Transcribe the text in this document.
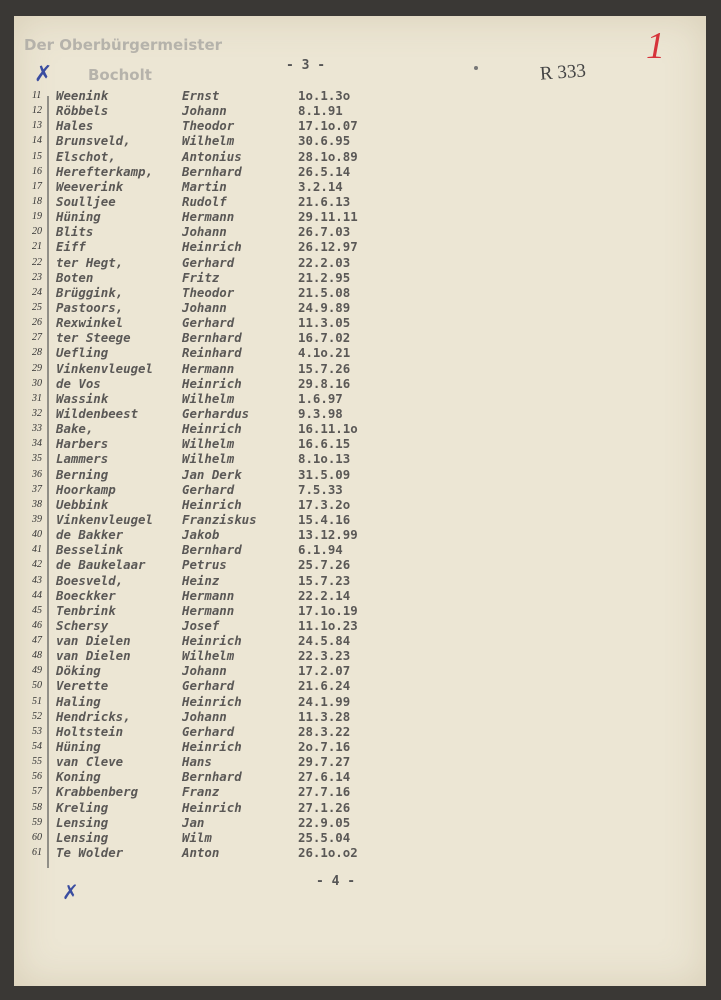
Der Oberbürgermeister
Bocholt
- 3 -	R 333
1
✗
11 Weenink	Ernst	1o.1.3o
12 Röbbels	Johann	8.1.91
13 Hales	Theodor	17.1o.07
14 Brunsveld,	Wilhelm	30.6.95
15 Elschot,	Antonius	28.1o.89
16 Herefterkamp, Bernhard	26.5.14
17 Weeverink	Martin	3.2.14
18 Soulljee	Rudolf	21.6.13
19 Hüning	Hermann	29.11.11
20 Blits	Johann	26.7.03
21 Eiff	Heinrich	26.12.97
22 ter Hegt,	Gerhard	22.2.03
23 Boten	Fritz	21.2.95
24 Brüggink,	Theodor	21.5.08
25 Pastoors,	Johann	24.9.89
26 Rexwinkel	Gerhard	11.3.05
27 ter Steege	Bernhard	16.7.02
28 Uefling	Reinhard	4.1o.21
29 Vinkenvleugel Hermann	15.7.26
30 de Vos	Heinrich	29.8.16
31 Wassink	Wilhelm	1.6.97
32 Wildenbeest	Gerhardus	9.3.98
33 Bake,	Heinrich	16.11.1o
34 Harbers	Wilhelm	16.6.15
35 Lammers	Wilhelm	8.1o.13
36 Berning	Jan Derk	31.5.09
37 Hoorkamp	Gerhard	7.5.33
38 Uebbink	Heinrich	17.3.2o
39 Vinkenvleugel Franziskus	15.4.16
40 de Bakker	Jakob	13.12.99
41 Besselink	Bernhard	6.1.94
42 de Baukelaar	Petrus	25.7.26
43 Boesveld,	Heinz	15.7.23
44 Boeckker	Hermann	22.2.14
45 Tenbrink	Hermann	17.1o.19
46 Schersy	Josef	11.1o.23
47 van Dielen	Heinrich	24.5.84
48 van Dielen	Wilhelm	22.3.23
49 Döking	Johann	17.2.07
50 Verette	Gerhard	21.6.24
51 Haling	Heinrich	24.1.99
52 Hendricks,	Johann	11.3.28
53 Holtstein	Gerhard	28.3.22
54 Hüning	Heinrich	2o.7.16
55 van Cleve	Hans	29.7.27
56 Koning	Bernhard	27.6.14
57 Krabbenberg	Franz	27.7.16
58 Kreling	Heinrich	27.1.26
59 Lensing	Jan	22.9.05
60 Lensing	Wilm	25.5.04
61 Te Wolder	Anton	26.1o.o2
- 4 -
✗
